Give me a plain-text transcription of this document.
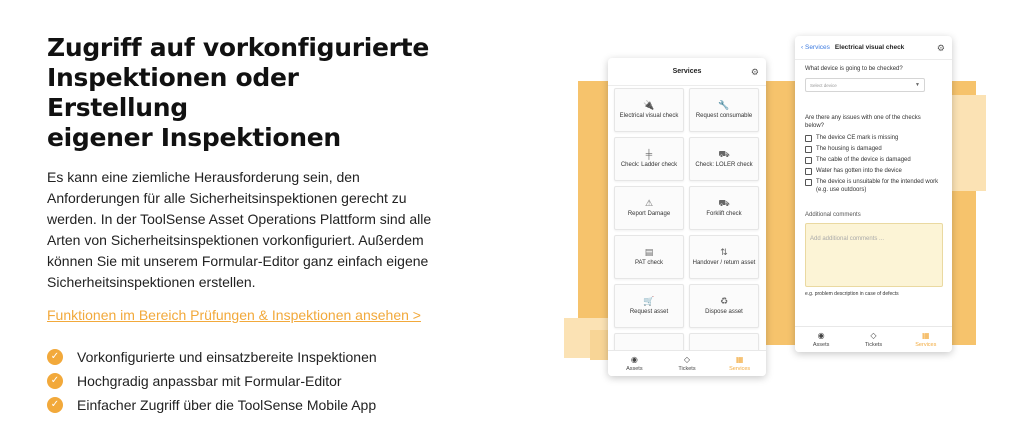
Zugriff auf vorkonfigurierte
Inspektionen oder Erstellung
eigener Inspektionen

Es kann eine ziemliche Herausforderung sein, den Anforderungen für alle Sicherheitsinspektionen gerecht zu werden. In der ToolSense Asset Operations Plattform sind alle Arten von Sicherheitsinspektionen vorkonfiguriert. Außerdem können Sie mit unserem Formular-Editor ganz einfach eigene Sicherheitsinspektionen erstellen.

Funktionen im Bereich Prüfungen & Inspektionen ansehen >
✓ Vorkonfigurierte und einsatzbereite Inspektionen
✓ Hochgradig anpassbar mit Formular-Editor
✓ Einfacher Zugriff über die ToolSense Mobile App
Services	⚙
🔌
Electrical visual check
🔧
Request consumable
╪
Check: Ladder check
⛟
Check: LOLER check
⚠
Report Damage
⛟
Forklift check
▤
PAT check
⇅
Handover / return asset
🛒
Request asset
♻
Dispose asset
◉
Assets
◇
Tickets
▦
Services
‹ Services Electrical visual check	⚙
What device is going to be checked?
Select device	▼
Are there any issues with one of the checks below?
The device CE mark is missing
The housing is damaged
The cable of the device is damaged
Water has gotten into the device
The device is unsuitable for the intended work (e.g. use outdoors)
Additional comments
Add additional comments ...
e.g. problem description in case of defects
◉
Assets
◇
Tickets
▦
Services
